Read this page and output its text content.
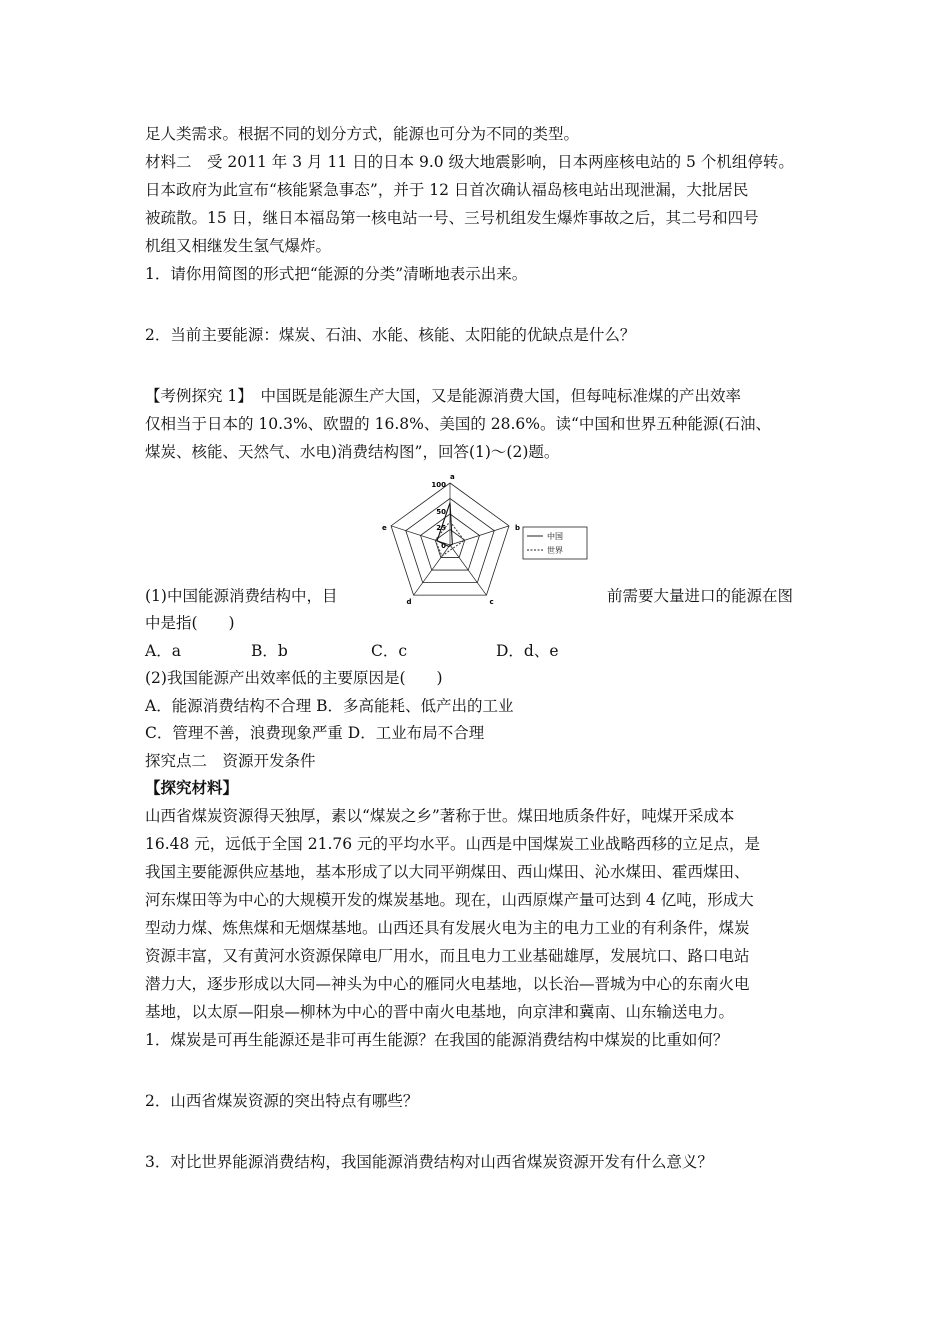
足人类需求。根据不同的划分方式，能源也可分为不同的类型。
材料二　受 2011 年 3 月 11 日的日本 9.0 级大地震影响，日本两座核电站的 5 个机组停转。
日本政府为此宣布“核能紧急事态”，并于 12 日首次确认福岛核电站出现泄漏，大批居民
被疏散。15 日，继日本福岛第一核电站一号、三号机组发生爆炸事故之后，其二号和四号
机组又相继发生氢气爆炸。
1．请你用简图的形式把“能源的分类”清晰地表示出来。
2．当前主要能源：煤炭、石油、水能、核能、太阳能的优缺点是什么？
【考例探究 1】　中国既是能源生产大国，又是能源消费大国，但每吨标准煤的产出效率
仅相当于日本的 10.3%、欧盟的 16.8%、美国的 28.6%。读“中国和世界五种能源(石油、
煤炭、核能、天然气、水电)消费结构图”，回答(1)～(2)题。
a
b
c
d
e
100
50
25
0
中国
世界
(1)中国能源消费结构中，目	前需要大量进口的能源在图
中是指(　　)
A．a	B．b	C．c	D．d、e
(2)我国能源产出效率低的主要原因是(　　)
A．能源消费结构不合理 B．多高能耗、低产出的工业
C．管理不善，浪费现象严重 D．工业布局不合理
探究点二　资源开发条件
【探究材料】
山西省煤炭资源得天独厚，素以“煤炭之乡”著称于世。煤田地质条件好，吨煤开采成本
16.48 元，远低于全国 21.76 元的平均水平。山西是中国煤炭工业战略西移的立足点，是
我国主要能源供应基地，基本形成了以大同平朔煤田、西山煤田、沁水煤田、霍西煤田、
河东煤田等为中心的大规模开发的煤炭基地。现在，山西原煤产量可达到 4 亿吨，形成大
型动力煤、炼焦煤和无烟煤基地。山西还具有发展火电为主的电力工业的有利条件，煤炭
资源丰富，又有黄河水资源保障电厂用水，而且电力工业基础雄厚，发展坑口、路口电站
潜力大，逐步形成以大同—神头为中心的雁同火电基地，以长治—晋城为中心的东南火电
基地，以太原—阳泉—柳林为中心的晋中南火电基地，向京津和冀南、山东输送电力。
1．煤炭是可再生能源还是非可再生能源？在我国的能源消费结构中煤炭的比重如何？
2．山西省煤炭资源的突出特点有哪些？
3．对比世界能源消费结构，我国能源消费结构对山西省煤炭资源开发有什么意义？
